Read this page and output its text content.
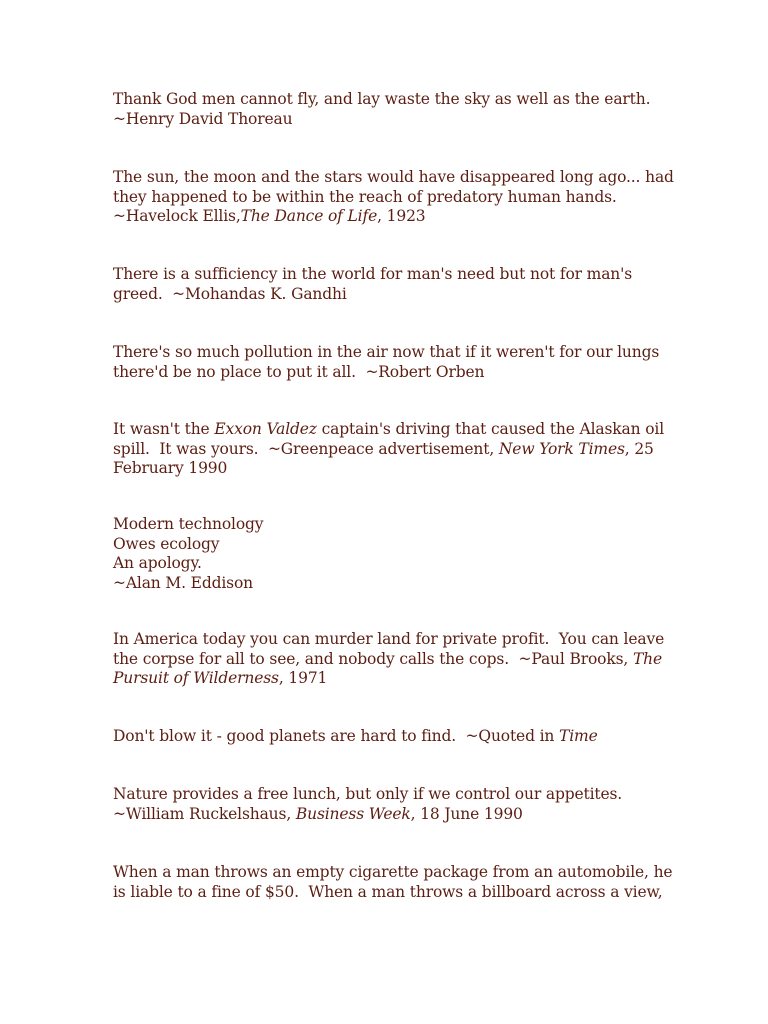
Thank God men cannot fly, and lay waste the sky as well as the earth.
~Henry David Thoreau
The sun, the moon and the stars would have disappeared long ago... had
they happened to be within the reach of predatory human hands.
~Havelock Ellis,The Dance of Life, 1923
There is a sufficiency in the world for man's need but not for man's
greed.  ~Mohandas K. Gandhi
There's so much pollution in the air now that if it weren't for our lungs
there'd be no place to put it all.  ~Robert Orben
It wasn't the Exxon Valdez captain's driving that caused the Alaskan oil
spill.  It was yours.  ~Greenpeace advertisement, New York Times, 25
February 1990
Modern technology
Owes ecology
An apology.
~Alan M. Eddison
In America today you can murder land for private profit.  You can leave
the corpse for all to see, and nobody calls the cops.  ~Paul Brooks, The
Pursuit of Wilderness, 1971
Don't blow it - good planets are hard to find.  ~Quoted in Time
Nature provides a free lunch, but only if we control our appetites.
~William Ruckelshaus, Business Week, 18 June 1990
When a man throws an empty cigarette package from an automobile, he
is liable to a fine of $50.  When a man throws a billboard across a view,
